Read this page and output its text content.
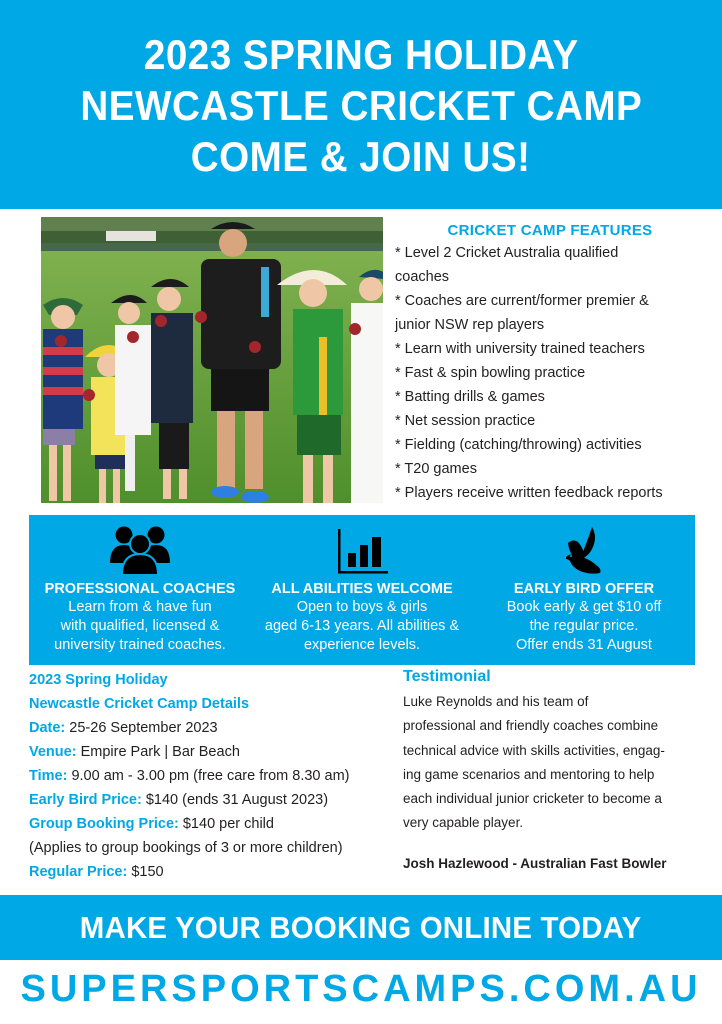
2023 SPRING HOLIDAY
NEWCASTLE CRICKET CAMP
COME & JOIN US!
CRICKET CAMP FEATURES
* Level 2 Cricket Australia qualified
coaches
* Coaches are current/former premier &
junior NSW rep players
* Learn with university trained teachers
* Fast & spin bowling practice
* Batting drills & games
* Net session practice
* Fielding (catching/throwing) activities
* T20 games
* Players receive written feedback reports
PROFESSIONAL COACHES
Learn from & have fun
with qualified, licensed &
university trained coaches.
ALL ABILITIES WELCOME
Open to boys & girls
aged 6-13 years. All abilities &
experience levels.
EARLY BIRD OFFER
Book early & get $10 off
the regular price.
Offer ends 31 August
2023 Spring Holiday
Newcastle Cricket Camp Details
Date: 25-26 September 2023
Venue: Empire Park | Bar Beach
Time: 9.00 am - 3.00 pm (free care from 8.30 am)
Early Bird Price: $140 (ends 31 August 2023)
Group Booking Price: $140 per child
(Applies to group bookings of 3 or more children)
Regular Price: $150
Testimonial
Luke Reynolds and his team of
professional and friendly coaches combine
technical advice with skills activities, engag-
ing game scenarios and mentoring to help
each individual junior cricketer to become a
very capable player.
Josh Hazlewood - Australian Fast Bowler
MAKE YOUR BOOKING ONLINE TODAY
SUPERSPORTSCAMPS.COM.AU
